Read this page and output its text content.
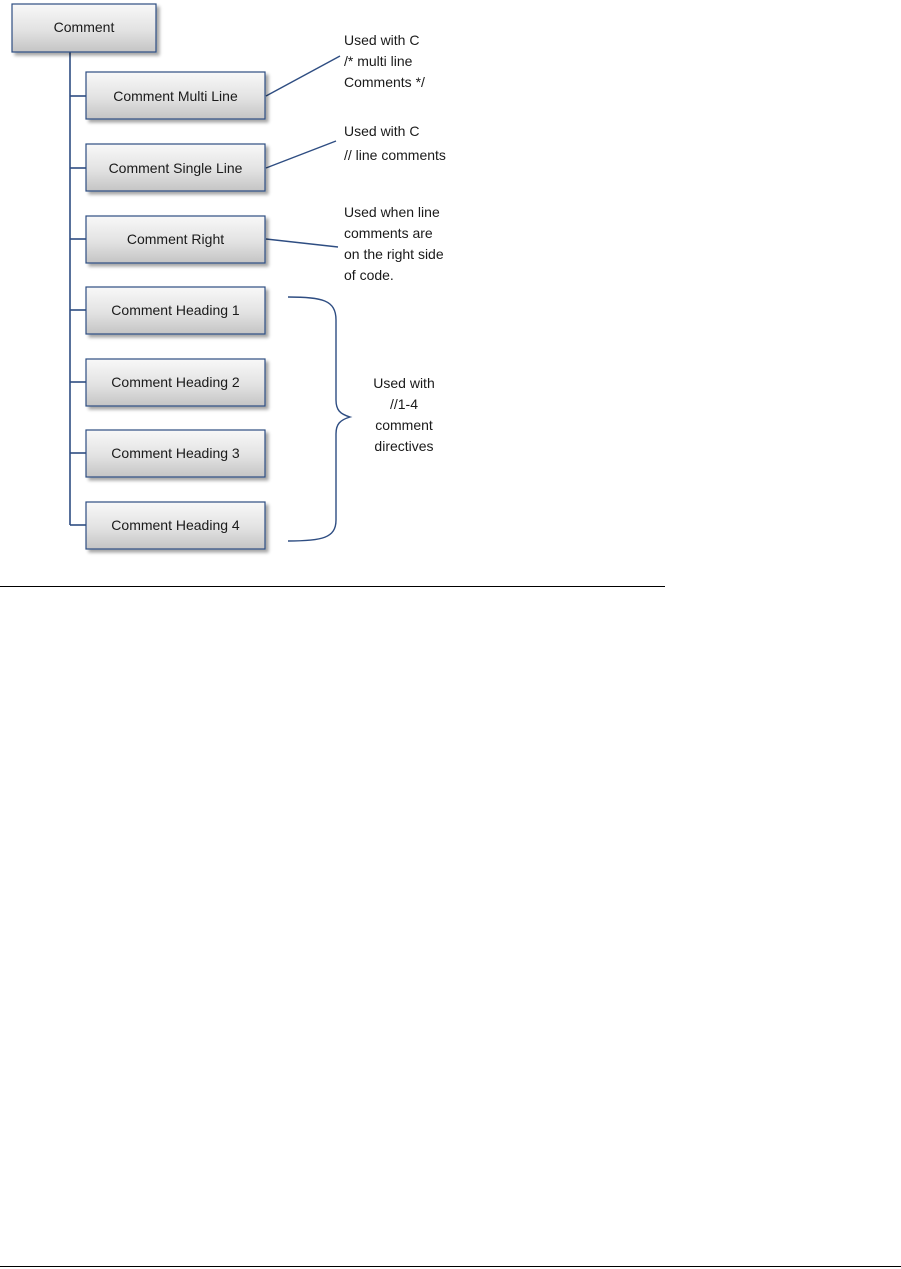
Comment
Comment Multi Line
Comment Single Line
Comment Right
Comment Heading 1
Comment Heading 2
Comment Heading 3
Comment Heading 4
Used with C
/* multi line
Comments */
Used with C
// line comments
Used when line
comments are
on the right side
of code.
Used with
//1-4
comment
directives
